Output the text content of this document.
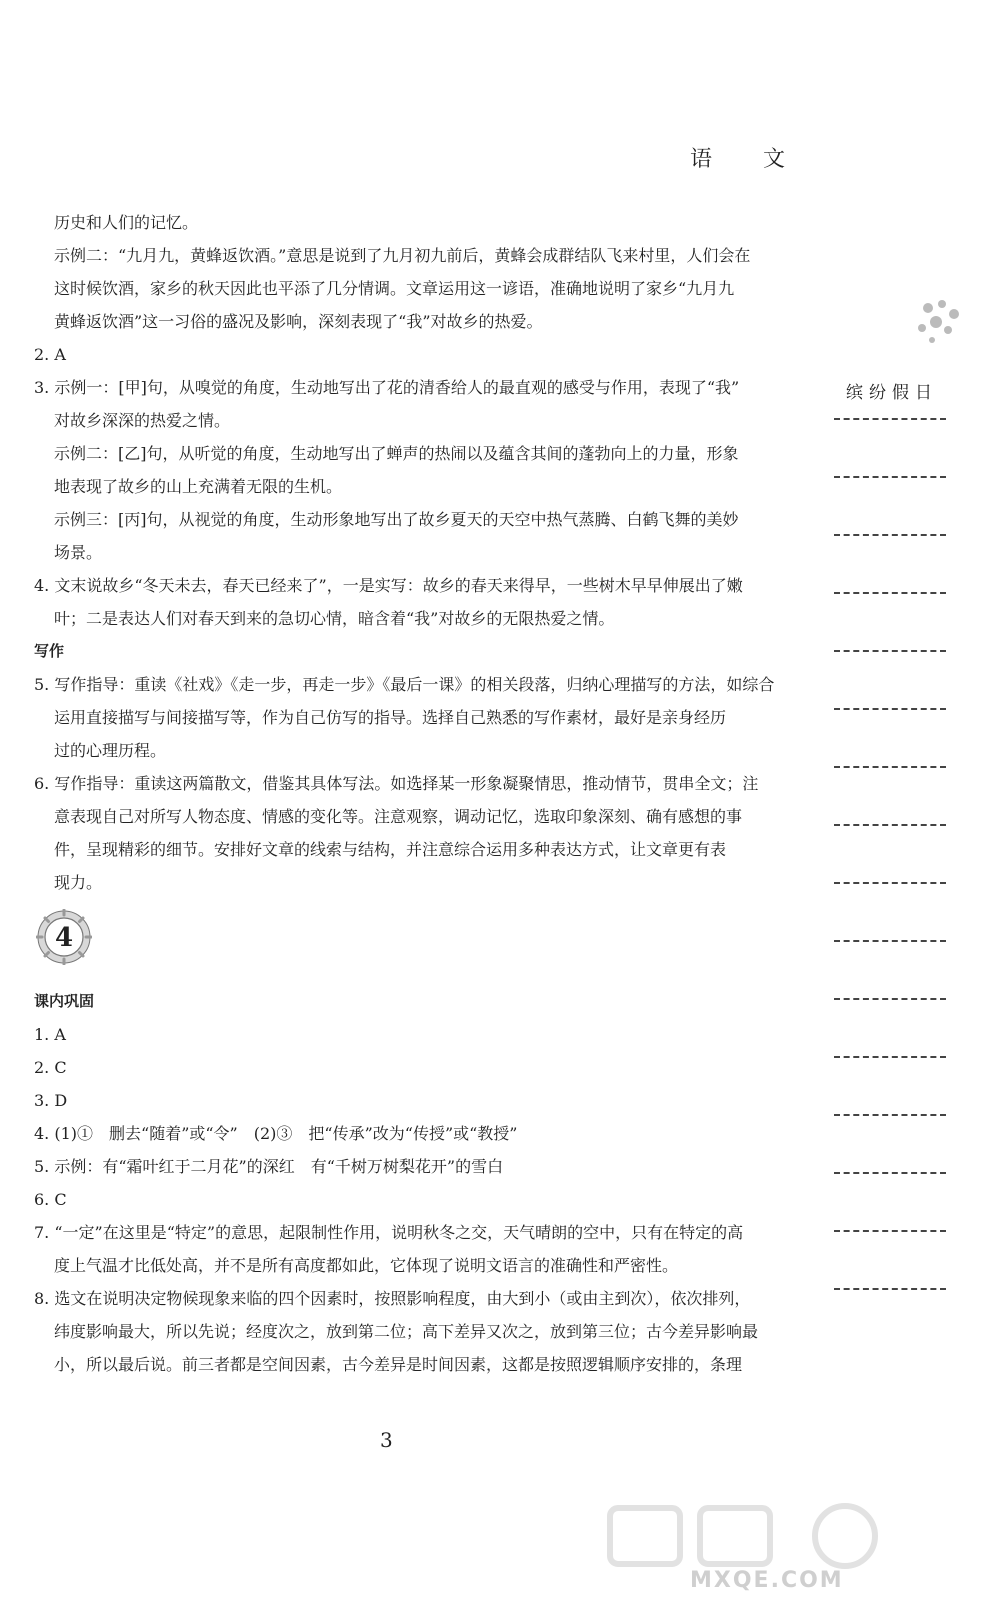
语 文

历史和人们的记忆。

示例二：“九月九，黄蜂返饮酒。”意思是说到了九月初九前后，黄蜂会成群结队飞来村里，人们会在

这时候饮酒，家乡的秋天因此也平添了几分情调。文章运用这一谚语，准确地说明了家乡“九月九

黄蜂返饮酒”这一习俗的盛况及影响，深刻表现了“我”对故乡的热爱。

2. A

3. 示例一：[甲]句，从嗅觉的角度，生动地写出了花的清香给人的最直观的感受与作用，表现了“我”

对故乡深深的热爱之情。

示例二：[乙]句，从听觉的角度，生动地写出了蝉声的热闹以及蕴含其间的蓬勃向上的力量，形象

地表现了故乡的山上充满着无限的生机。

示例三：[丙]句，从视觉的角度，生动形象地写出了故乡夏天的天空中热气蒸腾、白鹤飞舞的美妙

场景。

4. 文末说故乡“冬天未去，春天已经来了”，一是实写：故乡的春天来得早，一些树木早早伸展出了嫩

叶；二是表达人们对春天到来的急切心情，暗含着“我”对故乡的无限热爱之情。

写作

5. 写作指导：重读《社戏》《走一步，再走一步》《最后一课》的相关段落，归纳心理描写的方法，如综合

运用直接描写与间接描写等，作为自己仿写的指导。选择自己熟悉的写作素材，最好是亲身经历

过的心理历程。

6. 写作指导：重读这两篇散文，借鉴其具体写法。如选择某一形象凝聚情思，推动情节，贯串全文；注

意表现自己对所写人物态度、情感的变化等。注意观察，调动记忆，选取印象深刻、确有感想的事

件，呈现精彩的细节。安排好文章的线索与结构，并注意综合运用多种表达方式，让文章更有表

现力。

4

课内巩固

1. A

2. C

3. D

4. (1)①　删去“随着”或“令”　(2)③　把“传承”改为“传授”或“教授”

5. 示例：有“霜叶红于二月花”的深红　有“千树万树梨花开”的雪白

6. C

7. “一定”在这里是“特定”的意思，起限制性作用，说明秋冬之交，天气晴朗的空中，只有在特定的高

度上气温才比低处高，并不是所有高度都如此，它体现了说明文语言的准确性和严密性。

8. 选文在说明决定物候现象来临的四个因素时，按照影响程度，由大到小（或由主到次），依次排列，

纬度影响最大，所以先说；经度次之，放到第二位；高下差异又次之，放到第三位；古今差异影响最

小，所以最后说。前三者都是空间因素，古今差异是时间因素，这都是按照逻辑顺序安排的，条理

缤纷假日
3
MXQE.COM
